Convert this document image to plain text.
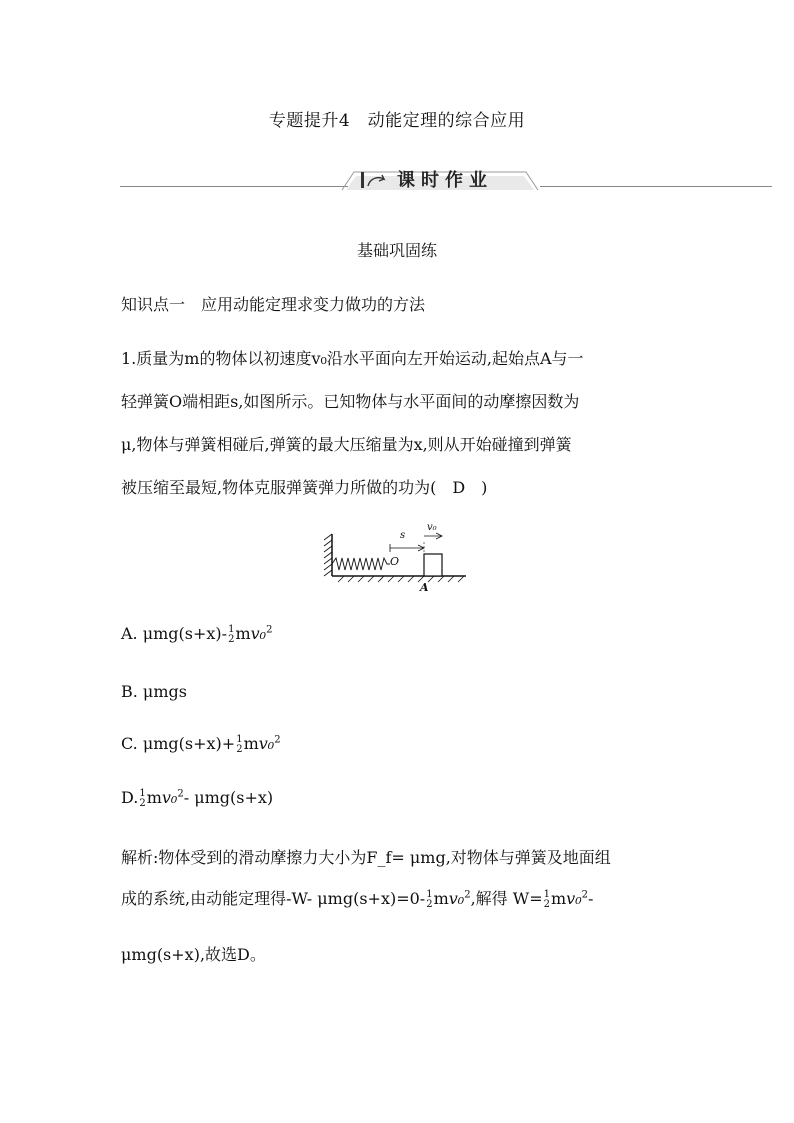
专题提升4　动能定理的综合应用
课时作业
基础巩固练
知识点一　应用动能定理求变力做功的方法
1.质量为m的物体以初速度v₀沿水平面向左开始运动,起始点A与一
轻弹簧O端相距s,如图所示。已知物体与水平面间的动摩擦因数为
μ,物体与弹簧相碰后,弹簧的最大压缩量为x,则从开始碰撞到弹簧
被压缩至最短,物体克服弹簧弹力所做的功为(　D　)
s
v₀
O
A
A. μmg(s+x)- 1
2 mv₀$^2$
B. μmgs
C. μmg(s+x)+ 1
2 mv₀$^2$
D. 1
2 mv₀$^2$- μmg(s+x)
解析:物体受到的滑动摩擦力大小为F_f= μmg,对物体与弹簧及地面组
成的系统,由动能定理得-W- μmg(s+x)=0- 1
2 mv₀$^2$,解得 W= 1
2 mv₀$^2$-
μmg(s+x),故选D。
